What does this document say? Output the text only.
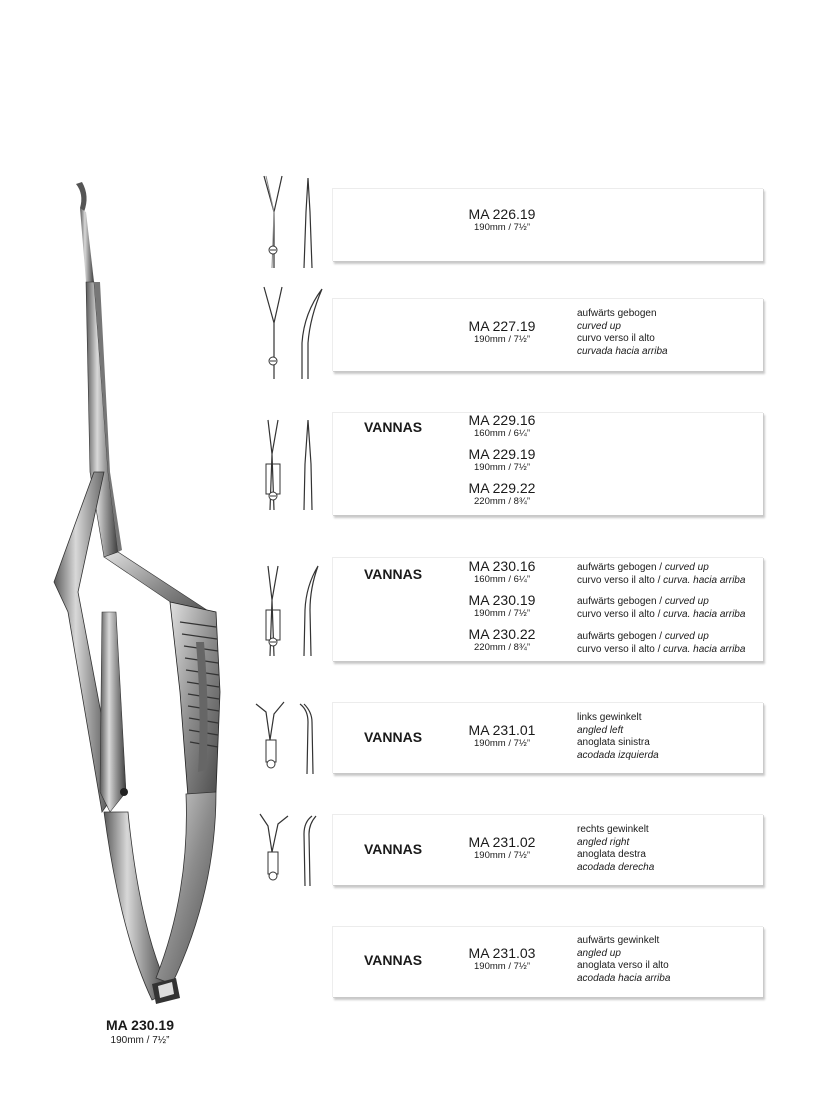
MA 230.19
190mm / 7½”
MA 226.19
190mm / 7½”
MA 227.19
190mm / 7½”
aufwärts gebogen
curved up
curvo verso il alto
curvada hacia arriba
VANNAS	MA 229.16
160mm / 6¼”
MA 229.19
190mm / 7½”
MA 229.22
220mm / 8¾”
VANNAS	MA 230.16
160mm / 6¼”
MA 230.19
190mm / 7½”
MA 230.22
220mm / 8¾”
aufwärts gebogen / curved up
curvo verso il alto / curva. hacia arriba
aufwärts gebogen / curved up
curvo verso il alto / curva. hacia arriba
aufwärts gebogen / curved up
curvo verso il alto / curva. hacia arriba
VANNAS	MA 231.01
190mm / 7½”
links gewinkelt
angled left
anoglata sinistra
acodada izquierda
VANNAS	MA 231.02
190mm / 7½”
rechts gewinkelt
angled right
anoglata destra
acodada derecha
VANNAS	MA 231.03
190mm / 7½”
aufwärts gewinkelt
angled up
anoglata verso il alto
acodada hacia arriba
